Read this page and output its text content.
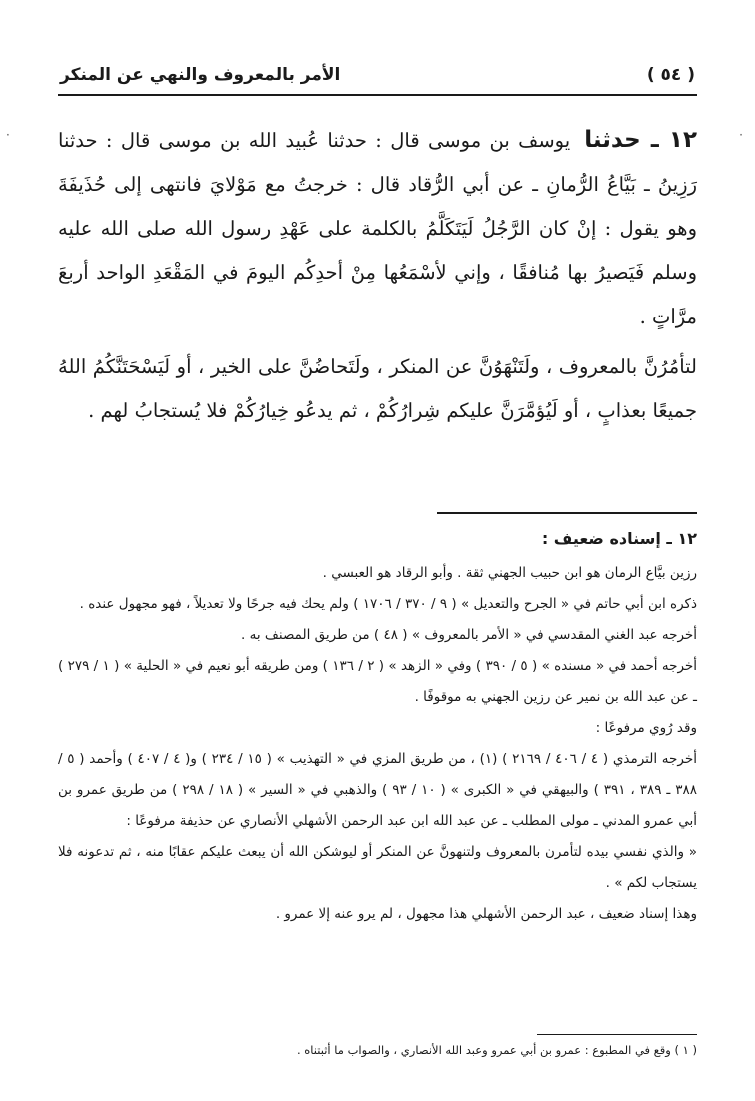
( ٥٤ )
الأمر بالمعروف والنهي عن المنكر
·	·

١٢ ـ حدثنايوسف بن موسى قال : حدثنا عُبيد الله بن موسى قال : حدثنا رَزِينُ ـ بَيَّاعُ الرُّمانِ ـ عن أبي الرُّقاد قال : خرجتُ مع مَوْلايَ فانتهى إلى حُذَيفَةَ وهو يقول : إنْ كان الرَّجُلُ لَيَتَكَلَّمُ بالكلمة على عَهْدِ رسول الله صلى الله عليه وسلم فَيَصيرُ بها مُنافقًا ، وإني لأسْمَعُها مِنْ أحدِكُم اليومَ في المَقْعَدِ الواحد أربعَ مرَّاتٍ .

لتأمُرُنَّ بالمعروف ، ولَتَنْهَوُنَّ عن المنكر ، ولَتَحاضُنَّ على الخير ، أو لَيَسْحَتَنَّكُمُ اللهُ جميعًا بعذابٍ ، أو لَيُؤمَّرَنَّ عليكم شِرارُكُمْ ، ثم يدعُو خِيارُكُمْ فلا يُستجابُ لهم .

١٢ ـ إسناده ضعيف :

رزين بيَّاع الرمان هو ابن حبيب الجهني ثقة . وأبو الرقاد هو العبسي .

ذكره ابن أبي حاتم في « الجرح والتعديل » ( ٩ / ٣٧٠ / ١٧٠٦ ) ولم يحك فيه جرحًا ولا تعديلاً ، فهو مجهول عنده .

أخرجه عبد الغني المقدسي في « الأمر بالمعروف » ( ٤٨ ) من طريق المصنف به .

أخرجه أحمد في « مسنده » ( ٥ / ٣٩٠ ) وفي « الزهد » ( ٢ / ١٣٦ ) ومن طريقه أبو نعيم في « الحلية » ( ١ / ٢٧٩ ) ـ عن عبد الله بن نمير عن رزين الجهني به موقوفًا .

وقد رُوي مرفوعًا :

أخرجه الترمذي ( ٤ / ٤٠٦ / ٢١٦٩ ) (١) ، من طريق المزي في « التهذيب » ( ١٥ / ٢٣٤ ) و( ٤ / ٤٠٧ ) وأحمد ( ٥ / ٣٨٨ ـ ٣٨٩ ، ٣٩١ ) والبيهقي في « الكبرى » ( ١٠ / ٩٣ ) والذهبي في « السير » ( ١٨ / ٢٩٨ ) من طريق عمرو بن أبي عمرو المدني ـ مولى المطلب ـ عن عبد الله ابن عبد الرحمن الأشهلي الأنصاري عن حذيفة مرفوعًا :

« والذي نفسي بيده لتأمرن بالمعروف ولتنهونَّ عن المنكر أو ليوشكن الله أن يبعث عليكم عقابًا منه ، ثم تدعونه فلا يستجاب لكم » .

وهذا إسناد ضعيف ، عبد الرحمن الأشهلي هذا مجهول ، لم يرو عنه إلا عمرو .

( ١ ) وقع في المطبوع : عمرو بن أبي عمرو وعبد الله الأنصاري ، والصواب ما أثبتناه .
